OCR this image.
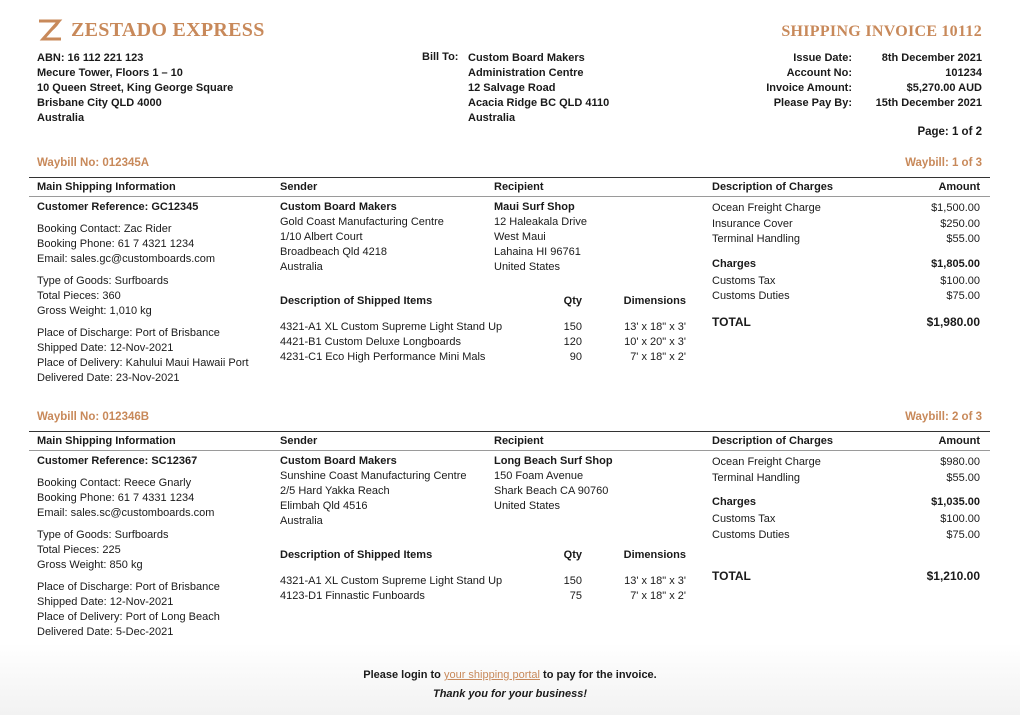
ZESTADO EXPRESS	SHIPPING INVOICE 10112
ABN: 16 112 221 123
Mecure Tower, Floors 1 – 10
10 Queen Street, King George Square
Brisbane City QLD 4000
Australia
Bill To: Custom Board Makers
Administration Centre
12 Salvage Road
Acacia Ridge BC QLD 4110
Australia
Issue Date:	8th December 2021
Account No:	101234
Invoice Amount:	$5,270.00 AUD
Please Pay By:	15th December 2021
Page: 1 of 2
Waybill No: 012345A	Waybill: 1 of 3
Main Shipping Information	Sender	Recipient	Description of Charges	Amount
Customer Reference: GC12345
Booking Contact: Zac Rider
Booking Phone: 61 7 4321 1234
Email: sales.gc@customboards.com
Type of Goods: Surfboards
Total Pieces: 360
Gross Weight: 1,010 kg
Place of Discharge: Port of Brisbance
Shipped Date: 12-Nov-2021
Place of Delivery: Kahului Maui Hawaii Port
Delivered Date: 23-Nov-2021
Custom Board Makers
Gold Coast Manufacturing Centre
1/10 Albert Court
Broadbeach Qld 4218
Australia
Maui Surf Shop
12 Haleakala Drive
West Maui
Lahaina HI 96761
United States
Description of Shipped Items	Qty	Dimensions
4321-A1 XL Custom Supreme Light Stand Up	150	13' x 18" x 3'
4421-B1 Custom Deluxe Longboards	120	10' x 20" x 3'
4231-C1 Eco High Performance Mini Mals	90	7' x 18" x 2'
Ocean Freight Charge	$1,500.00
Insurance Cover	$250.00
Terminal Handling	$55.00
Charges	$1,805.00
Customs Tax	$100.00
Customs Duties	$75.00
TOTAL	$1,980.00
Waybill No: 012346B	Waybill: 2 of 3
Main Shipping Information	Sender	Recipient	Description of Charges	Amount
Customer Reference: SC12367
Booking Contact: Reece Gnarly
Booking Phone: 61 7 4331 1234
Email: sales.sc@customboards.com
Type of Goods: Surfboards
Total Pieces: 225
Gross Weight: 850 kg
Place of Discharge: Port of Brisbance
Shipped Date: 12-Nov-2021
Place of Delivery: Port of Long Beach
Delivered Date: 5-Dec-2021
Custom Board Makers
Sunshine Coast Manufacturing Centre
2/5 Hard Yakka Reach
Elimbah Qld 4516
Australia
Long Beach Surf Shop
150 Foam Avenue
Shark Beach CA 90760
United States
Description of Shipped Items	Qty	Dimensions
4321-A1 XL Custom Supreme Light Stand Up	150	13' x 18" x 3'
4123-D1 Finnastic Funboards	75	7' x 18" x 2'
Ocean Freight Charge	$980.00
Terminal Handling	$55.00
Charges	$1,035.00
Customs Tax	$100.00
Customs Duties	$75.00
TOTAL	$1,210.00
Please login to your shipping portal to pay for the invoice.
Thank you for your business!
